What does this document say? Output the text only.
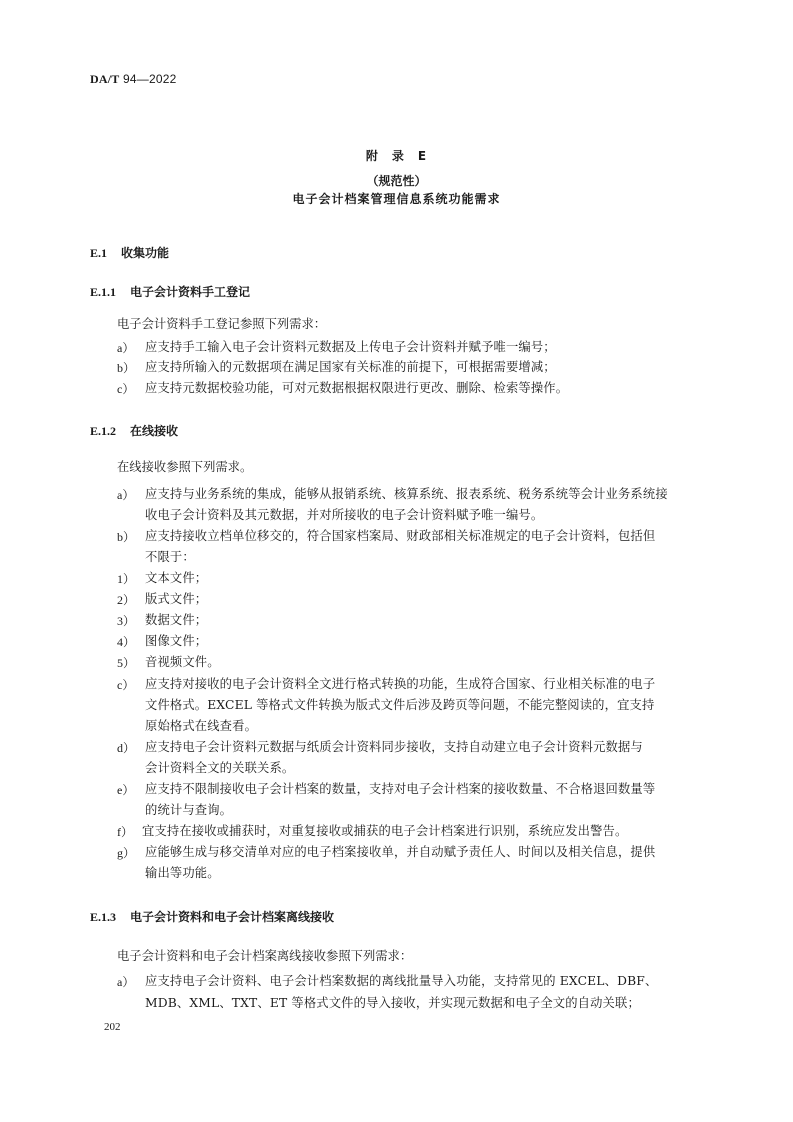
DA/T 94—2022
附　录　E
（规范性）
电子会计档案管理信息系统功能需求
E.1 收集功能
E.1.1 电子会计资料手工登记
电子会计资料手工登记参照下列需求：
a） 应支持手工输入电子会计资料元数据及上传电子会计资料并赋予唯一编号；
b） 应支持所输入的元数据项在满足国家有关标准的前提下，可根据需要增减；
c） 应支持元数据校验功能，可对元数据根据权限进行更改、删除、检索等操作。
E.1.2 在线接收
在线接收参照下列需求。
a） 应支持与业务系统的集成，能够从报销系统、核算系统、报表系统、税务系统等会计业务系统接
收电子会计资料及其元数据，并对所接收的电子会计资料赋予唯一编号。
b） 应支持接收立档单位移交的，符合国家档案局、财政部相关标准规定的电子会计资料，包括但
不限于：
1） 文本文件；
2） 版式文件；
3） 数据文件；
4） 图像文件；
5） 音视频文件。
c） 应支持对接收的电子会计资料全文进行格式转换的功能，生成符合国家、行业相关标准的电子
文件格式。EXCEL 等格式文件转换为版式文件后涉及跨页等问题，不能完整阅读的，宜支持
原始格式在线查看。
d） 应支持电子会计资料元数据与纸质会计资料同步接收，支持自动建立电子会计资料元数据与
会计资料全文的关联关系。
e） 应支持不限制接收电子会计档案的数量，支持对电子会计档案的接收数量、不合格退回数量等
的统计与查询。
f） 宜支持在接收或捕获时，对重复接收或捕获的电子会计档案进行识别，系统应发出警告。
g） 应能够生成与移交清单对应的电子档案接收单，并自动赋予责任人、时间以及相关信息，提供
输出等功能。
E.1.3 电子会计资料和电子会计档案离线接收
电子会计资料和电子会计档案离线接收参照下列需求：
a） 应支持电子会计资料、电子会计档案数据的离线批量导入功能，支持常见的 EXCEL、DBF、
MDB、XML、TXT、ET 等格式文件的导入接收，并实现元数据和电子全文的自动关联；
202
